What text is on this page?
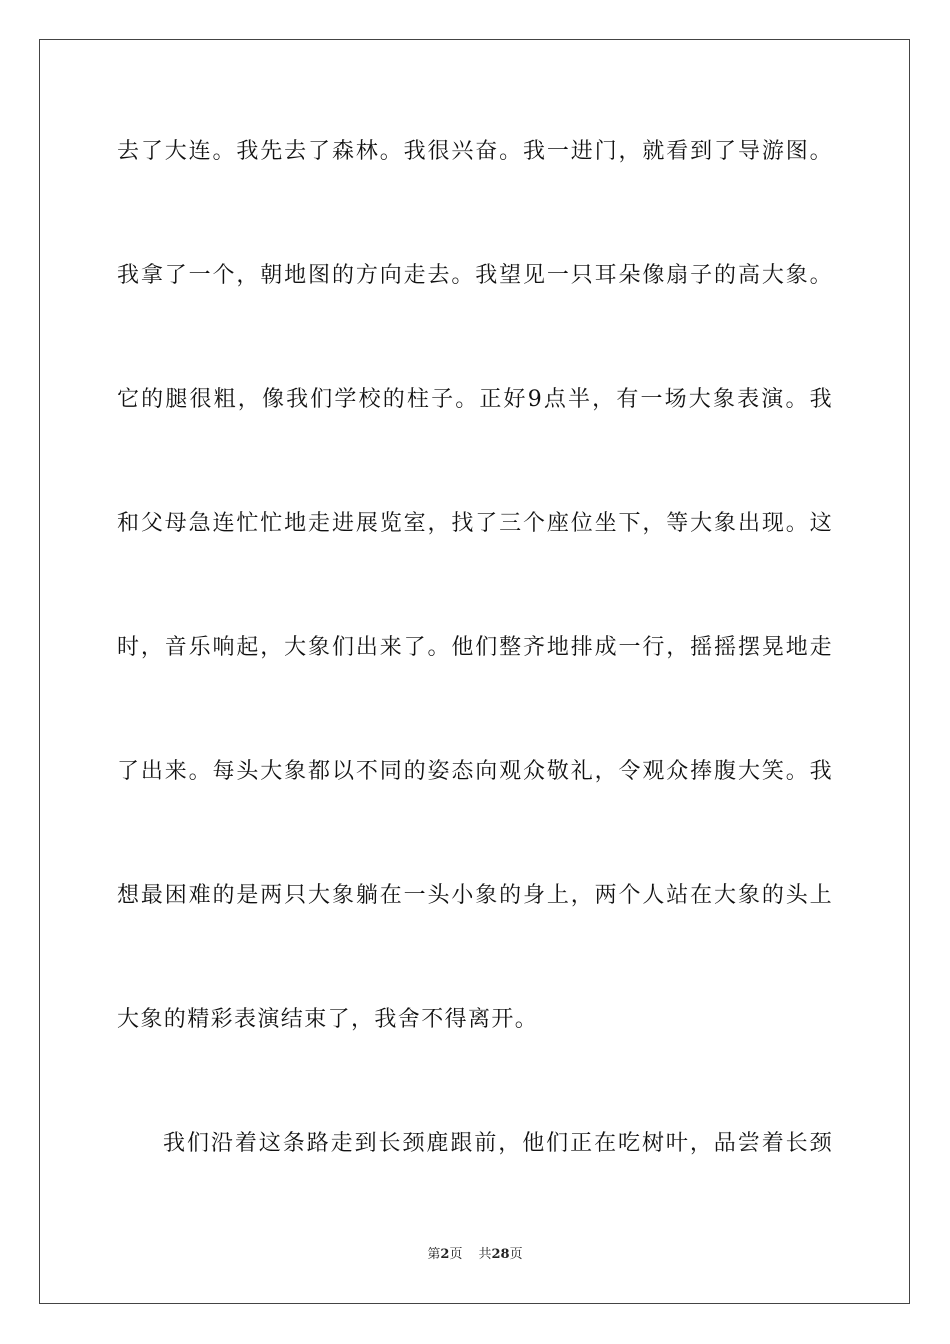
去了大连。我先去了森林。我很兴奋。我一进门，就看到了导游图。
我拿了一个，朝地图的方向走去。我望见一只耳朵像扇子的高大象。
它的腿很粗，像我们学校的柱子。正好9点半，有一场大象表演。我
和父母急连忙忙地走进展览室，找了三个座位坐下，等大象出现。这
时，音乐响起，大象们出来了。他们整齐地排成一行，摇摇摆晃地走
了出来。每头大象都以不同的姿态向观众敬礼，令观众捧腹大笑。我
想最困难的是两只大象躺在一头小象的身上，两个人站在大象的头上
大象的精彩表演结束了，我舍不得离开。
我们沿着这条路走到长颈鹿跟前，他们正在吃树叶，品尝着长颈
第2页 共28页
